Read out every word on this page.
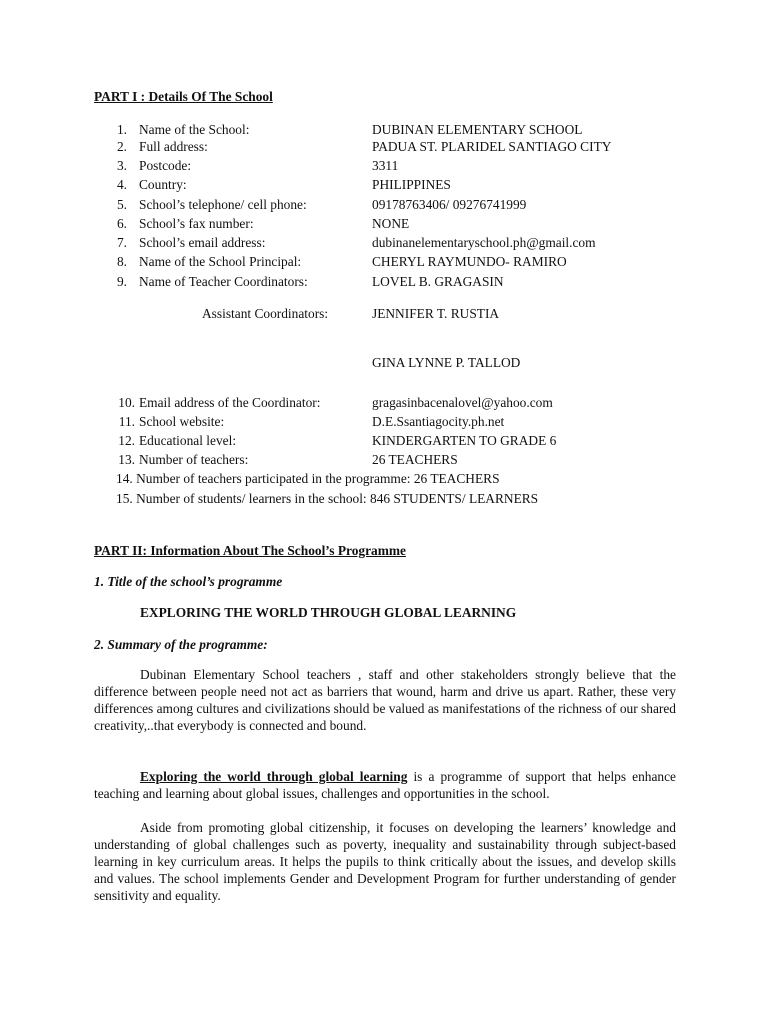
PART I : Details Of The School
1. Name of the School:	DUBINAN ELEMENTARY SCHOOL
2. Full address:	PADUA ST. PLARIDEL SANTIAGO CITY
3. Postcode:	3311
4. Country:	PHILIPPINES
5. School’s telephone/ cell phone:	09178763406/ 09276741999
6. School’s fax number:	NONE
7. School’s email address:	dubinanelementaryschool.ph@gmail.com
8. Name of the School Principal:	CHERYL RAYMUNDO- RAMIRO
9. Name of Teacher Coordinators:	LOVEL B. GRAGASIN
Assistant Coordinators:	JENNIFER T. RUSTIA
GINA LYNNE P. TALLOD
10. Email address of the Coordinator:	gragasinbacenalovel@yahoo.com
11. School website:	D.E.Ssantiagocity.ph.net
12. Educational level:	KINDERGARTEN TO GRADE 6
13. Number of teachers:	26 TEACHERS
14. Number of teachers participated in the programme: 26 TEACHERS
15. Number of students/ learners in the school: 846 STUDENTS/ LEARNERS
PART II: Information About The School’s Programme
1. Title of the school’s programme
EXPLORING THE WORLD THROUGH GLOBAL LEARNING
2. Summary of the programme:
Dubinan Elementary School teachers , staff and other stakeholders strongly believe that the difference between people need not act as barriers that wound, harm and drive us apart. Rather, these very differences among cultures and civilizations should be valued as manifestations of the richness of our shared creativity,..that everybody is connected and bound.
Exploring the world through global learning is a programme of support that helps enhance teaching and learning about global issues, challenges and opportunities in the school.
Aside from promoting global citizenship, it focuses on developing the learners’ knowledge and understanding of global challenges such as poverty, inequality and sustainability through subject-based learning in key curriculum areas. It helps the pupils to think critically about the issues, and develop skills and values. The school implements Gender and Development Program for further understanding of gender sensitivity and equality.
